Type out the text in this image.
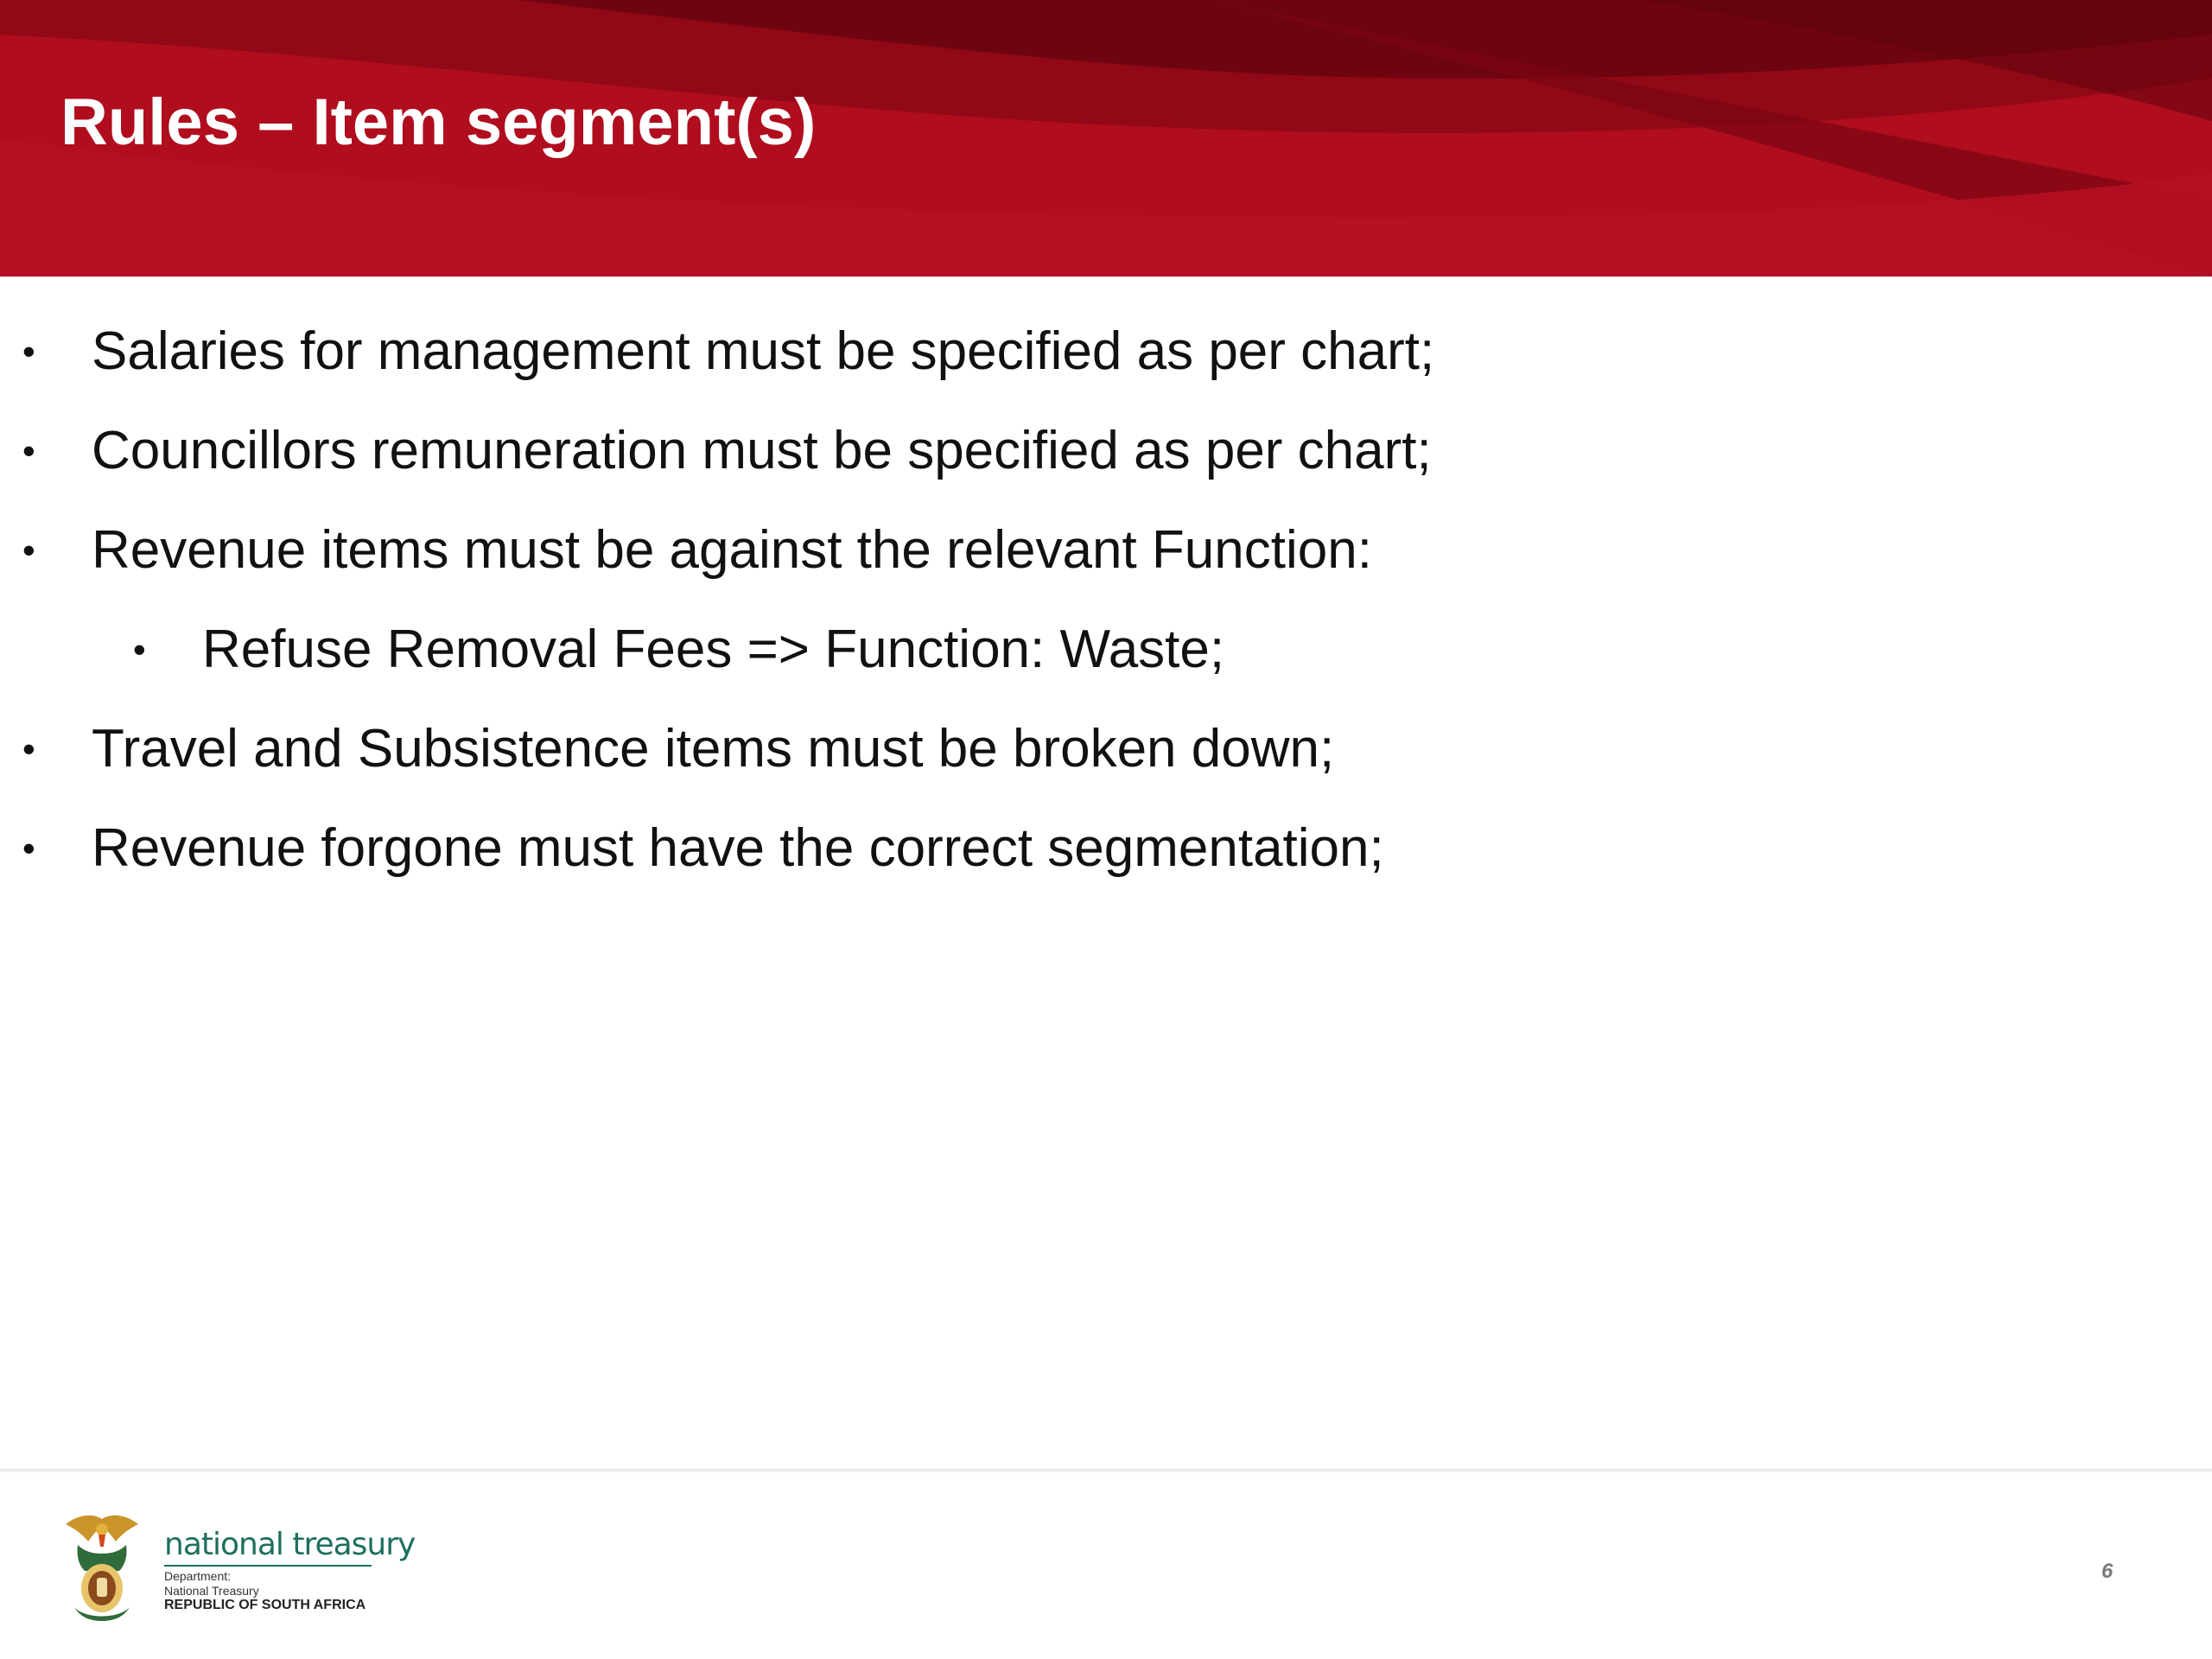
Rules – Item segment(s)
• Salaries for management must be specified as per chart;
• Councillors remuneration must be specified as per chart;
• Revenue items must be against the relevant Function:
• Refuse Removal Fees => Function: Waste;
• Travel and Subsistence items must be broken down;
• Revenue forgone must have the correct segmentation;
national treasury
Department:
National Treasury
REPUBLIC OF SOUTH AFRICA
6
